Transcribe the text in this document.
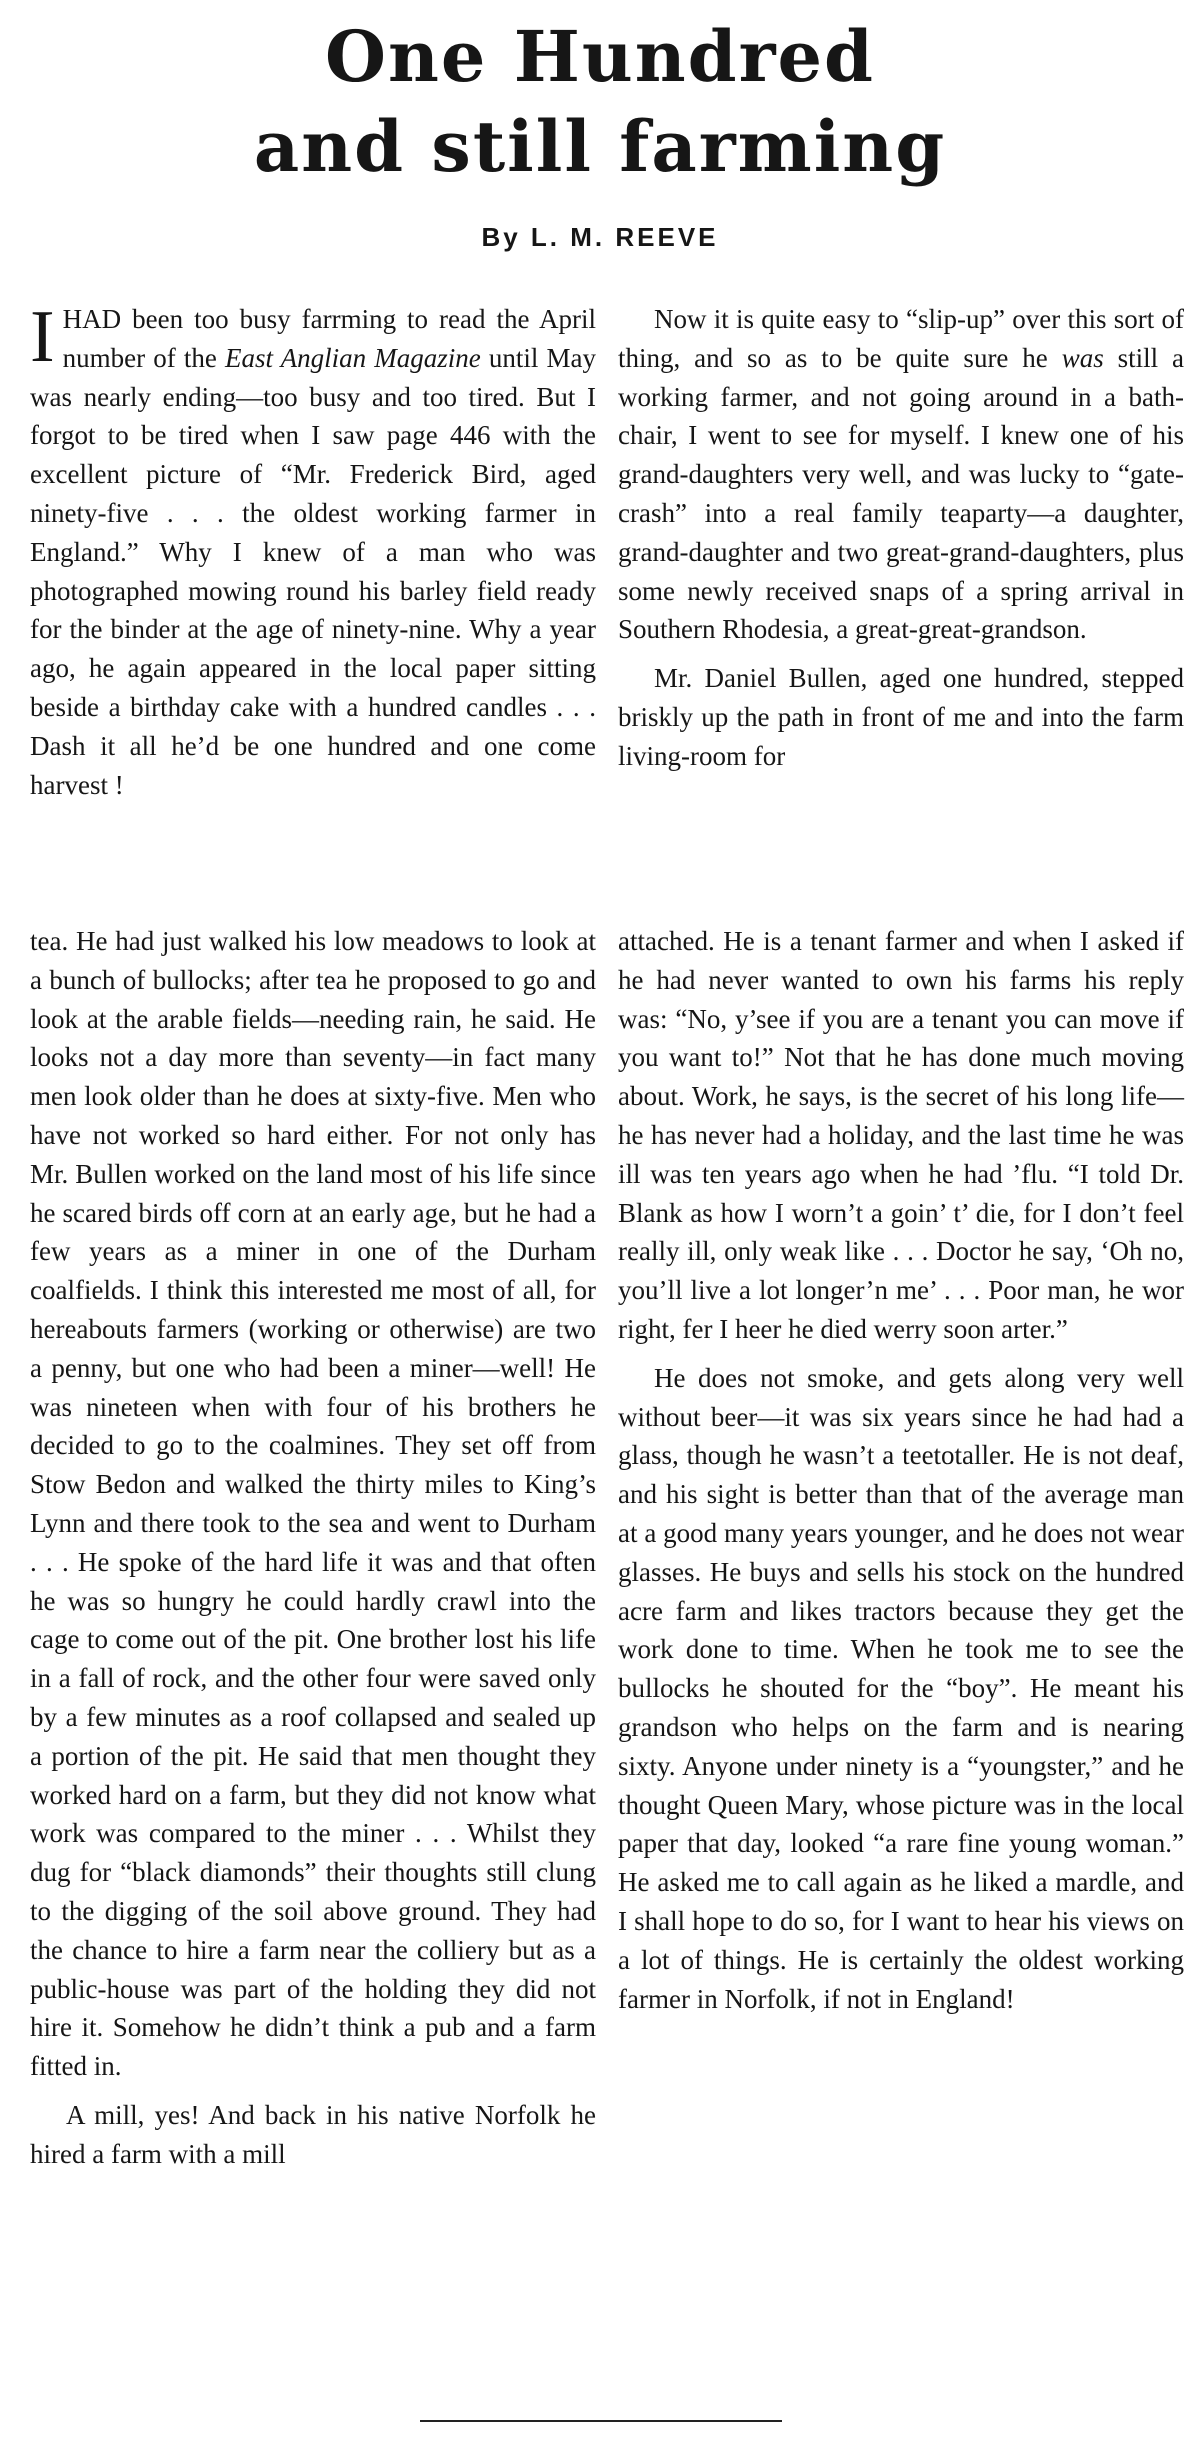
One Hundred
and still farming

By L. M. REEVE

IHAD been too busy farrming to read the April number of the East Anglian Magazine until May was nearly ending—too busy and too tired. But I forgot to be tired when I saw page 446 with the excellent picture of “Mr. Frederick Bird, aged ninety-five . . . the oldest working farmer in England.” Why I knew of a man who was photographed mowing round his barley field ready for the binder at the age of ninety-nine. Why a year ago, he again appeared in the local paper sitting beside a birthday cake with a hundred candles . . . Dash it all he’d be one hundred and one come harvest !

Now it is quite easy to “slip-up” over this sort of thing, and so as to be quite sure he was still a working farmer, and not going around in a bath-chair, I went to see for myself. I knew one of his grand-daughters very well, and was lucky to “gate-crash” into a real family teaparty—a daughter, grand-daughter and two great-grand-daughters, plus some newly received snaps of a spring arrival in Southern Rhodesia, a great-great-grandson.

Mr. Daniel Bullen, aged one hundred, stepped briskly up the path in front of me and into the farm living-room for

tea. He had just walked his low meadows to look at a bunch of bullocks; after tea he proposed to go and look at the arable fields—needing rain, he said. He looks not a day more than seventy—in fact many men look older than he does at sixty-five. Men who have not worked so hard either. For not only has Mr. Bullen worked on the land most of his life since he scared birds off corn at an early age, but he had a few years as a miner in one of the Durham coalfields. I think this interested me most of all, for hereabouts farmers (working or otherwise) are two a penny, but one who had been a miner—well! He was nineteen when with four of his brothers he decided to go to the coalmines. They set off from Stow Bedon and walked the thirty miles to King’s Lynn and there took to the sea and went to Durham . . . He spoke of the hard life it was and that often he was so hungry he could hardly crawl into the cage to come out of the pit. One brother lost his life in a fall of rock, and the other four were saved only by a few minutes as a roof collapsed and sealed up a portion of the pit. He said that men thought they worked hard on a farm, but they did not know what work was compared to the miner . . . Whilst they dug for “black diamonds” their thoughts still clung to the digging of the soil above ground. They had the chance to hire a farm near the colliery but as a public-house was part of the holding they did not hire it. Somehow he didn’t think a pub and a farm fitted in.

A mill, yes! And back in his native Norfolk he hired a farm with a mill

attached. He is a tenant farmer and when I asked if he had never wanted to own his farms his reply was: “No, y’see if you are a tenant you can move if you want to!” Not that he has done much moving about. Work, he says, is the secret of his long life—he has never had a holiday, and the last time he was ill was ten years ago when he had ’flu. “I told Dr. Blank as how I worn’t a goin’ t’ die, for I don’t feel really ill, only weak like . . . Doctor he say, ‘Oh no, you’ll live a lot longer’n me’ . . . Poor man, he wor right, fer I heer he died werry soon arter.”

He does not smoke, and gets along very well without beer—it was six years since he had had a glass, though he wasn’t a teetotaller. He is not deaf, and his sight is better than that of the average man at a good many years younger, and he does not wear glasses. He buys and sells his stock on the hundred acre farm and likes tractors because they get the work done to time. When he took me to see the bullocks he shouted for the “boy”. He meant his grandson who helps on the farm and is nearing sixty. Anyone under ninety is a “youngster,” and he thought Queen Mary, whose picture was in the local paper that day, looked “a rare fine young woman.” He asked me to call again as he liked a mardle, and I shall hope to do so, for I want to hear his views on a lot of things. He is certainly the oldest working farmer in Norfolk, if not in England!
